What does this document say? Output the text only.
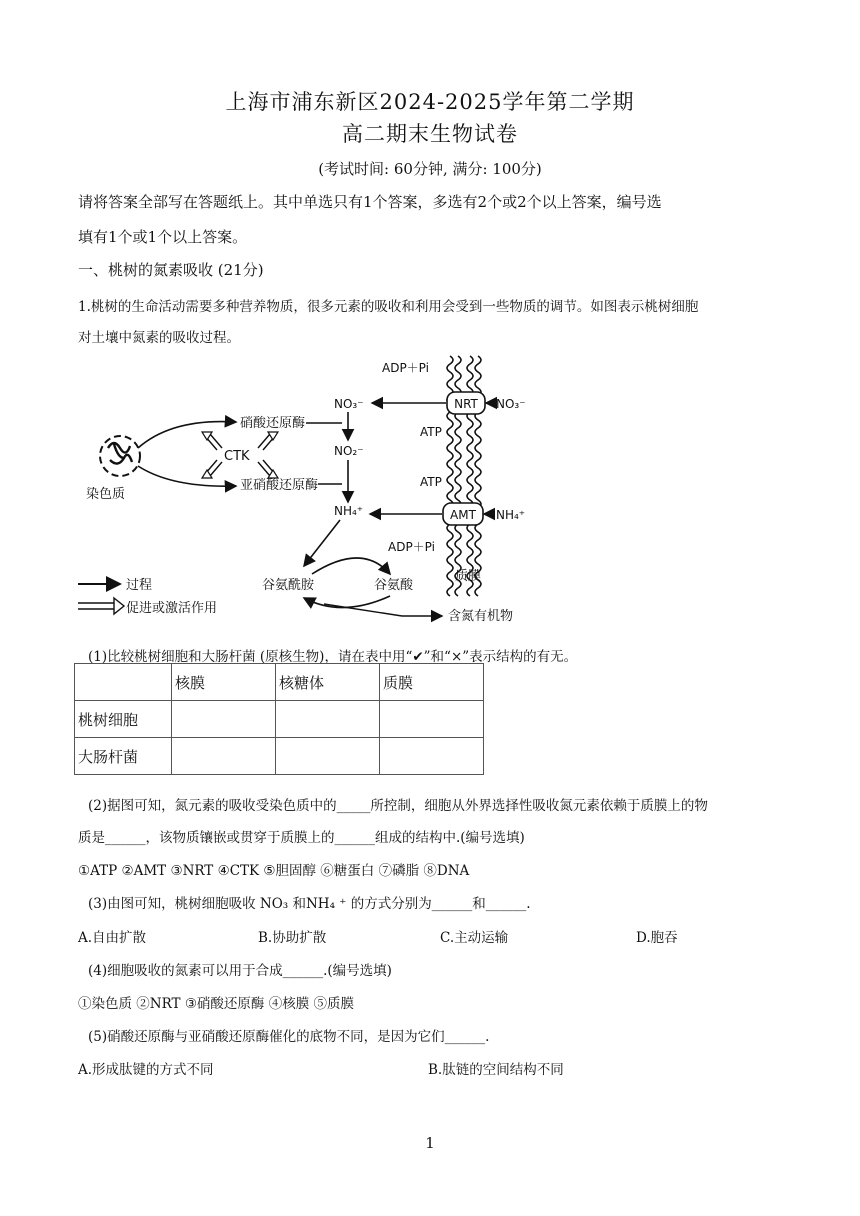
上海市浦东新区2024-2025学年第二学期
高二期末生物试卷
(考试时间: 60分钟, 满分: 100分)
请将答案全部写在答题纸上。其中单选只有1个答案，多选有2个或2个以上答案，编号选
填有1个或1个以上答案。
一、桃树的氮素吸收 (21分)
1.桃树的生命活动需要多种营养物质，很多元素的吸收和利用会受到一些物质的调节。如图表示桃树细胞
对土壤中氮素的吸收过程。
NRT
AMT
NO₃⁻
NH₄⁺
ADP＋Pi
ATP
ATP
ADP＋Pi
质膜
NO₃⁻
NO₂⁻
NH₄⁺
硝酸还原酶
亚硝酸还原酶
CTK
染色质
谷氨酰胺	谷氨酸
含氮有机物
过程
促进或激活作用
(1)比较桃树细胞和大肠杆菌 (原核生物)，请在表中用“✔”和“×”表示结构的有无。
	核膜	核糖体	质膜
桃树细胞			
大肠杆菌			
(2)据图可知，氮元素的吸收受染色质中的_____所控制，细胞从外界选择性吸收氮元素依赖于质膜上的物
质是______，该物质镶嵌或贯穿于质膜上的______组成的结构中.(编号选填)
①ATP ②AMT ③NRT ④CTK ⑤胆固醇 ⑥糖蛋白 ⑦磷脂 ⑧DNA
(3)由图可知，桃树细胞吸收 NO₃ 和NH₄ ⁺ 的方式分别为______和______.
A.自由扩散	B.协助扩散	C.主动运输	D.胞吞
(4)细胞吸收的氮素可以用于合成______.(编号选填)
①染色质 ②NRT ③硝酸还原酶 ④核膜 ⑤质膜
(5)硝酸还原酶与亚硝酸还原酶催化的底物不同，是因为它们______.
A.形成肽键的方式不同	B.肽链的空间结构不同
1
